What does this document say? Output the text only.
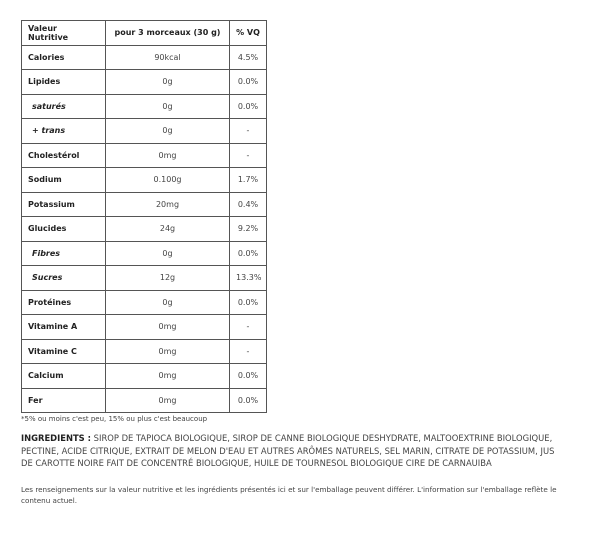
Valeur Nutritive	pour 3 morceaux (30 g)	% VQ
Calories	90kcal	4.5%
Lipides	0g	0.0%
saturés	0g	0.0%
+ trans	0g	-
Cholestérol	0mg	-
Sodium	0.100g	1.7%
Potassium	20mg	0.4%
Glucides	24g	9.2%
Fibres	0g	0.0%
Sucres	12g	13.3%
Protéines	0g	0.0%
Vitamine A	0mg	-
Vitamine C	0mg	-
Calcium	0mg	0.0%
Fer	0mg	0.0%
*5% ou moins c'est peu, 15% ou plus c'est beaucoup
INGREDIENTS : SIROP DE TAPIOCA BIOLOGIQUE, SIROP DE CANNE BIOLOGIQUE DESHYDRATE, MALTOOEXTRINE BIOLOGIQUE, PECTINE, ACIDE CITRIQUE, EXTRAIT DE MELON D'EAU ET AUTRES ARÔMES NATURELS, SEL MARIN, CITRATE DE POTASSIUM, JUS DE CAROTTE NOIRE FAIT DE CONCENTRÉ BIOLOGIQUE, HUILE DE TOURNESOL BIOLOGIQUE CIRE DE CARNAUIBA
Les renseignements sur la valeur nutritive et les ingrédients présentés ici et sur l'emballage peuvent différer. L'information sur l'emballage reflète le contenu actuel.
